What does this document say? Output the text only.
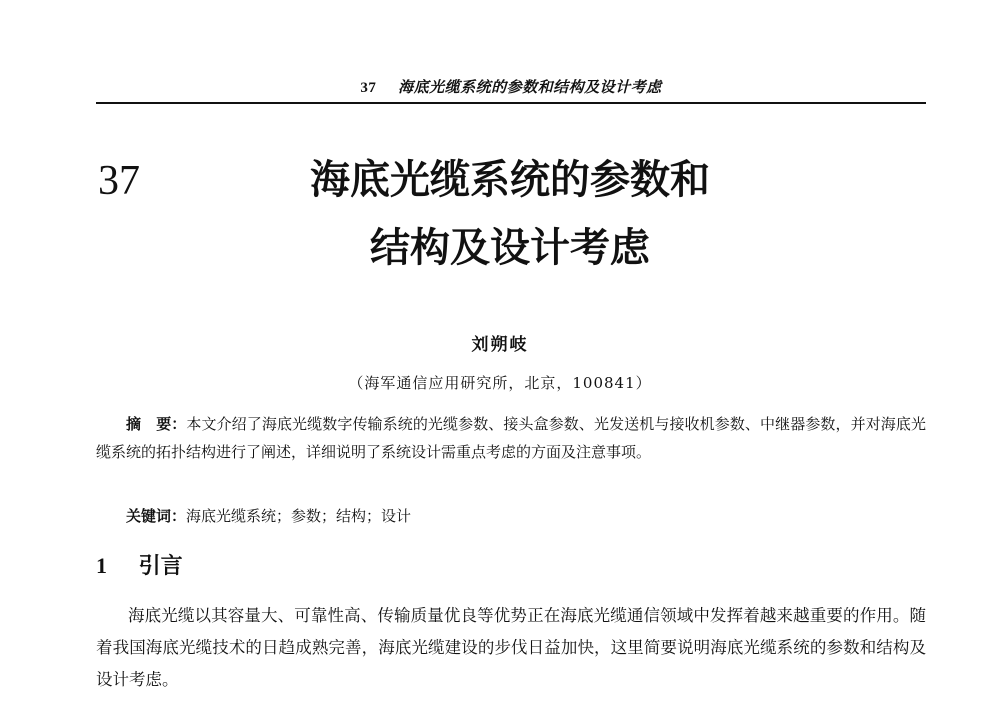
37 海底光缆系统的参数和结构及设计考虑
37	海底光缆系统的参数和
结构及设计考虑
刘朔岐
（海军通信应用研究所，北京，100841）
摘　要：本文介绍了海底光缆数字传输系统的光缆参数、接头盒参数、光发送机与接收机参数、中继器参数，并对海底光缆系统的拓扑结构进行了阐述，详细说明了系统设计需重点考虑的方面及注意事项。
关键词：海底光缆系统；参数；结构；设计
1 引言
海底光缆以其容量大、可靠性高、传输质量优良等优势正在海底光缆通信领域中发挥着越来越重要的作用。随着我国海底光缆技术的日趋成熟完善，海底光缆建设的步伐日益加快，这里简要说明海底光缆系统的参数和结构及设计考虑。
